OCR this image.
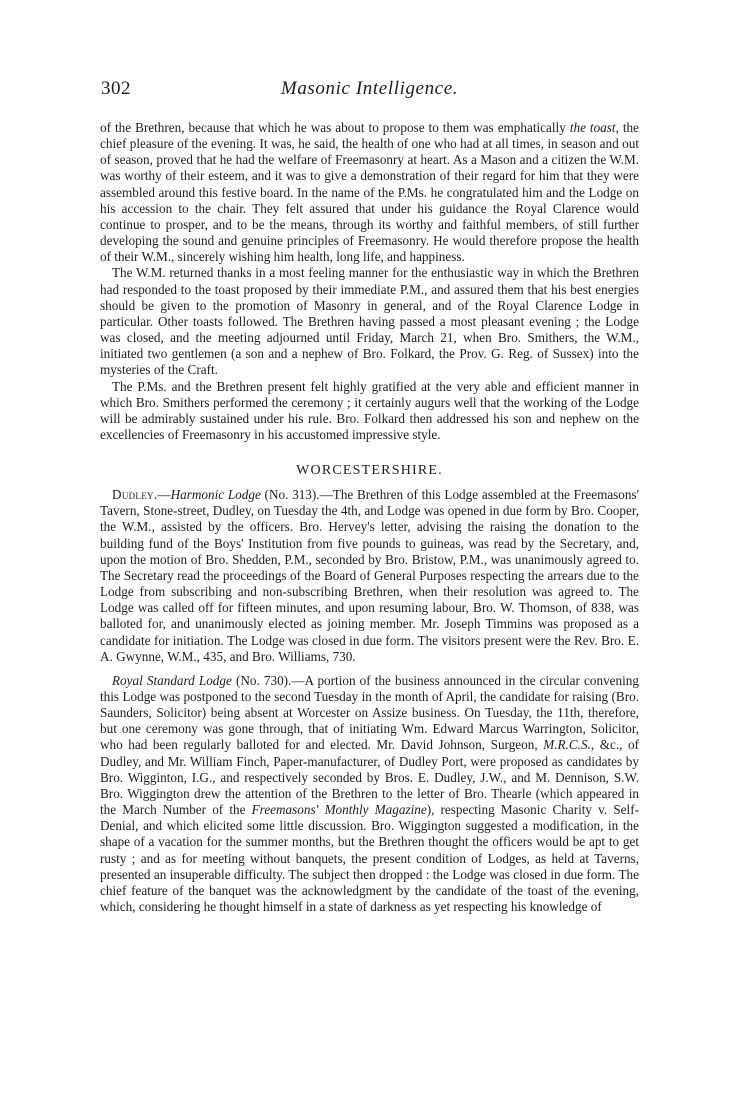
302	Masonic Intelligence.

of the Brethren, because that which he was about to propose to them was emphatically the toast, the chief pleasure of the evening. It was, he said, the health of one who had at all times, in season and out of season, proved that he had the welfare of Freemasonry at heart. As a Mason and a citizen the W.M. was worthy of their esteem, and it was to give a demonstration of their regard for him that they were assembled around this festive board. In the name of the P.Ms. he congratulated him and the Lodge on his accession to the chair. They felt assured that under his guidance the Royal Clarence would continue to prosper, and to be the means, through its worthy and faithful members, of still further developing the sound and genuine principles of Freemasonry. He would therefore propose the health of their W.M., sincerely wishing him health, long life, and happiness.

The W.M. returned thanks in a most feeling manner for the enthusiastic way in which the Brethren had responded to the toast proposed by their immediate P.M., and assured them that his best energies should be given to the promotion of Masonry in general, and of the Royal Clarence Lodge in particular. Other toasts followed. The Brethren having passed a most pleasant evening ; the Lodge was closed, and the meeting adjourned until Friday, March 21, when Bro. Smithers, the W.M., initiated two gentlemen (a son and a nephew of Bro. Folkard, the Prov. G. Reg. of Sussex) into the mysteries of the Craft.

The P.Ms. and the Brethren present felt highly gratified at the very able and efficient manner in which Bro. Smithers performed the ceremony ; it certainly augurs well that the working of the Lodge will be admirably sustained under his rule. Bro. Folkard then addressed his son and nephew on the excellencies of Freemasonry in his accustomed impressive style.

WORCESTERSHIRE.

Dudley.—Harmonic Lodge (No. 313).—The Brethren of this Lodge assembled at the Freemasons' Tavern, Stone-street, Dudley, on Tuesday the 4th, and Lodge was opened in due form by Bro. Cooper, the W.M., assisted by the officers. Bro. Hervey's letter, advising the raising the donation to the building fund of the Boys' Institution from five pounds to guineas, was read by the Secretary, and, upon the motion of Bro. Shedden, P.M., seconded by Bro. Bristow, P.M., was unanimously agreed to. The Secretary read the proceedings of the Board of General Purposes respecting the arrears due to the Lodge from subscribing and non-subscribing Brethren, when their resolution was agreed to. The Lodge was called off for fifteen minutes, and upon resuming labour, Bro. W. Thomson, of 838, was balloted for, and unanimously elected as joining member. Mr. Joseph Timmins was proposed as a candidate for initiation. The Lodge was closed in due form. The visitors present were the Rev. Bro. E. A. Gwynne, W.M., 435, and Bro. Williams, 730.

Royal Standard Lodge (No. 730).—A portion of the business announced in the circular convening this Lodge was postponed to the second Tuesday in the month of April, the candidate for raising (Bro. Saunders, Solicitor) being absent at Worcester on Assize business. On Tuesday, the 11th, therefore, but one ceremony was gone through, that of initiating Wm. Edward Marcus Warrington, Solicitor, who had been regularly balloted for and elected. Mr. David Johnson, Surgeon, M.R.C.S., &c., of Dudley, and Mr. William Finch, Paper-manufacturer, of Dudley Port, were proposed as candidates by Bro. Wigginton, I.G., and respectively seconded by Bros. E. Dudley, J.W., and M. Dennison, S.W. Bro. Wiggington drew the attention of the Brethren to the letter of Bro. Thearle (which appeared in the March Number of the Freemasons' Monthly Magazine), respecting Masonic Charity v. Self-Denial, and which elicited some little discussion. Bro. Wiggington suggested a modification, in the shape of a vacation for the summer months, but the Brethren thought the officers would be apt to get rusty ; and as for meeting without banquets, the present condition of Lodges, as held at Taverns, presented an insuperable difficulty. The subject then dropped : the Lodge was closed in due form. The chief feature of the banquet was the acknowledgment by the candidate of the toast of the evening, which, considering he thought himself in a state of darkness as yet respecting his knowledge of
